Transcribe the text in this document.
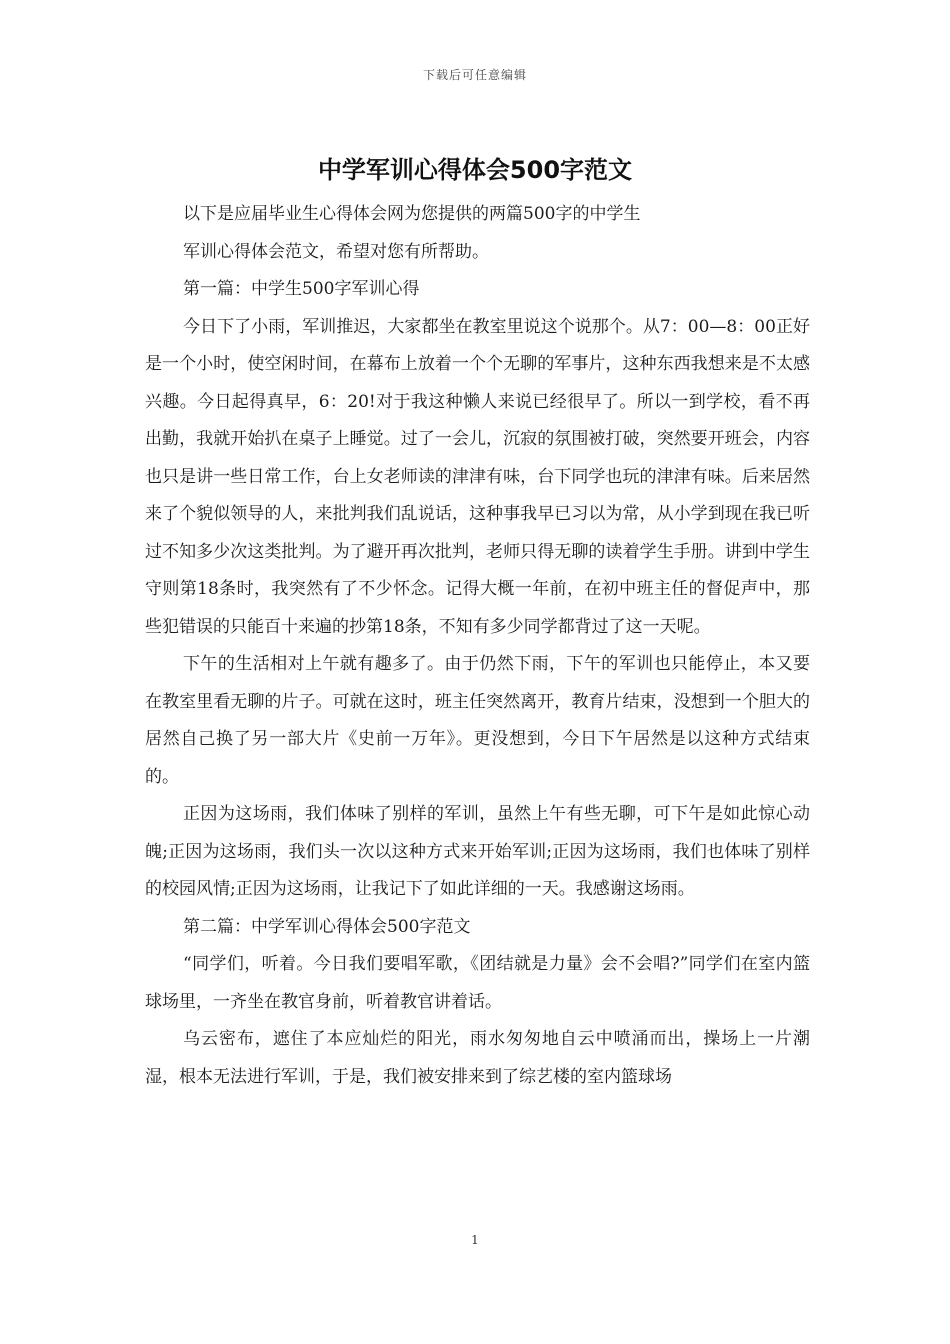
下载后可任意编辑
中学军训心得体会500字范文

以下是应届毕业生心得体会网为您提供的两篇500字的中学生

军训心得体会范文，希望对您有所帮助。

第一篇：中学生500字军训心得

今日下了小雨，军训推迟，大家都坐在教室里说这个说那个。从7：00—8：00正好是一个小时，使空闲时间，在幕布上放着一个个无聊的军事片，这种东西我想来是不太感兴趣。今日起得真早，6：20!对于我这种懒人来说已经很早了。所以一到学校，看不再出勤，我就开始扒在桌子上睡觉。过了一会儿，沉寂的氛围被打破，突然要开班会，内容也只是讲一些日常工作，台上女老师读的津津有味，台下同学也玩的津津有味。后来居然来了个貌似领导的人，来批判我们乱说话，这种事我早已习以为常，从小学到现在我已听过不知多少次这类批判。为了避开再次批判，老师只得无聊的读着学生手册。讲到中学生守则第18条时，我突然有了不少怀念。记得大概一年前，在初中班主任的督促声中，那些犯错误的只能百十来遍的抄第18条，不知有多少同学都背过了这一天呢。

下午的生活相对上午就有趣多了。由于仍然下雨，下午的军训也只能停止，本又要在教室里看无聊的片子。可就在这时，班主任突然离开，教育片结束，没想到一个胆大的居然自己换了另一部大片《史前一万年》。更没想到，今日下午居然是以这种方式结束的。

正因为这场雨，我们体味了别样的军训，虽然上午有些无聊，可下午是如此惊心动魄;正因为这场雨，我们头一次以这种方式来开始军训;正因为这场雨，我们也体味了别样的校园风情;正因为这场雨，让我记下了如此详细的一天。我感谢这场雨。

第二篇：中学军训心得体会500字范文

“同学们，听着。今日我们要唱军歌，《团结就是力量》会不会唱?”同学们在室内篮球场里，一齐坐在教官身前，听着教官讲着话。

乌云密布，遮住了本应灿烂的阳光，雨水匆匆地自云中喷涌而出，操场上一片潮湿，根本无法进行军训，于是，我们被安排来到了综艺楼的室内篮球场

1
